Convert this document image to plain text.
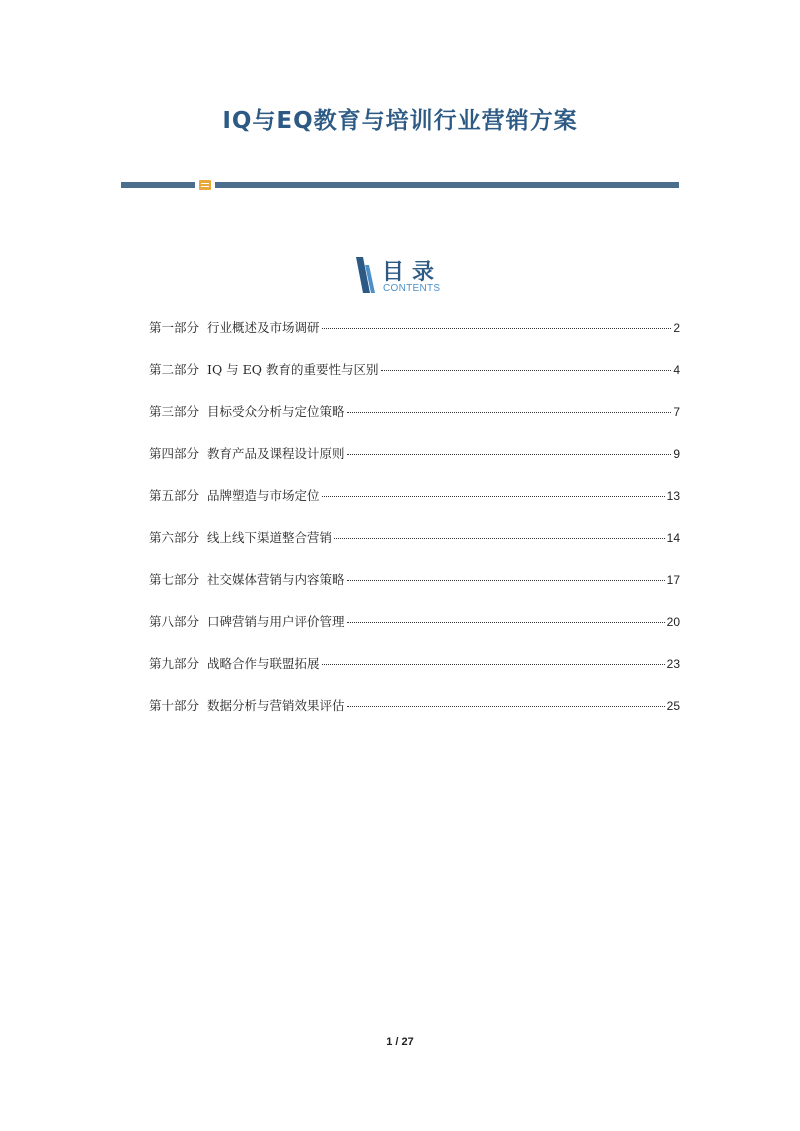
IQ与EQ教育与培训行业营销方案
目录
CONTENTS
第一部分 行业概述及市场调研	2
第二部分 IQ 与 EQ 教育的重要性与区别	4
第三部分 目标受众分析与定位策略	7
第四部分 教育产品及课程设计原则	9
第五部分 品牌塑造与市场定位	13
第六部分 线上线下渠道整合营销	14
第七部分 社交媒体营销与内容策略	17
第八部分 口碑营销与用户评价管理	20
第九部分 战略合作与联盟拓展	23
第十部分 数据分析与营销效果评估	25
1 / 27
